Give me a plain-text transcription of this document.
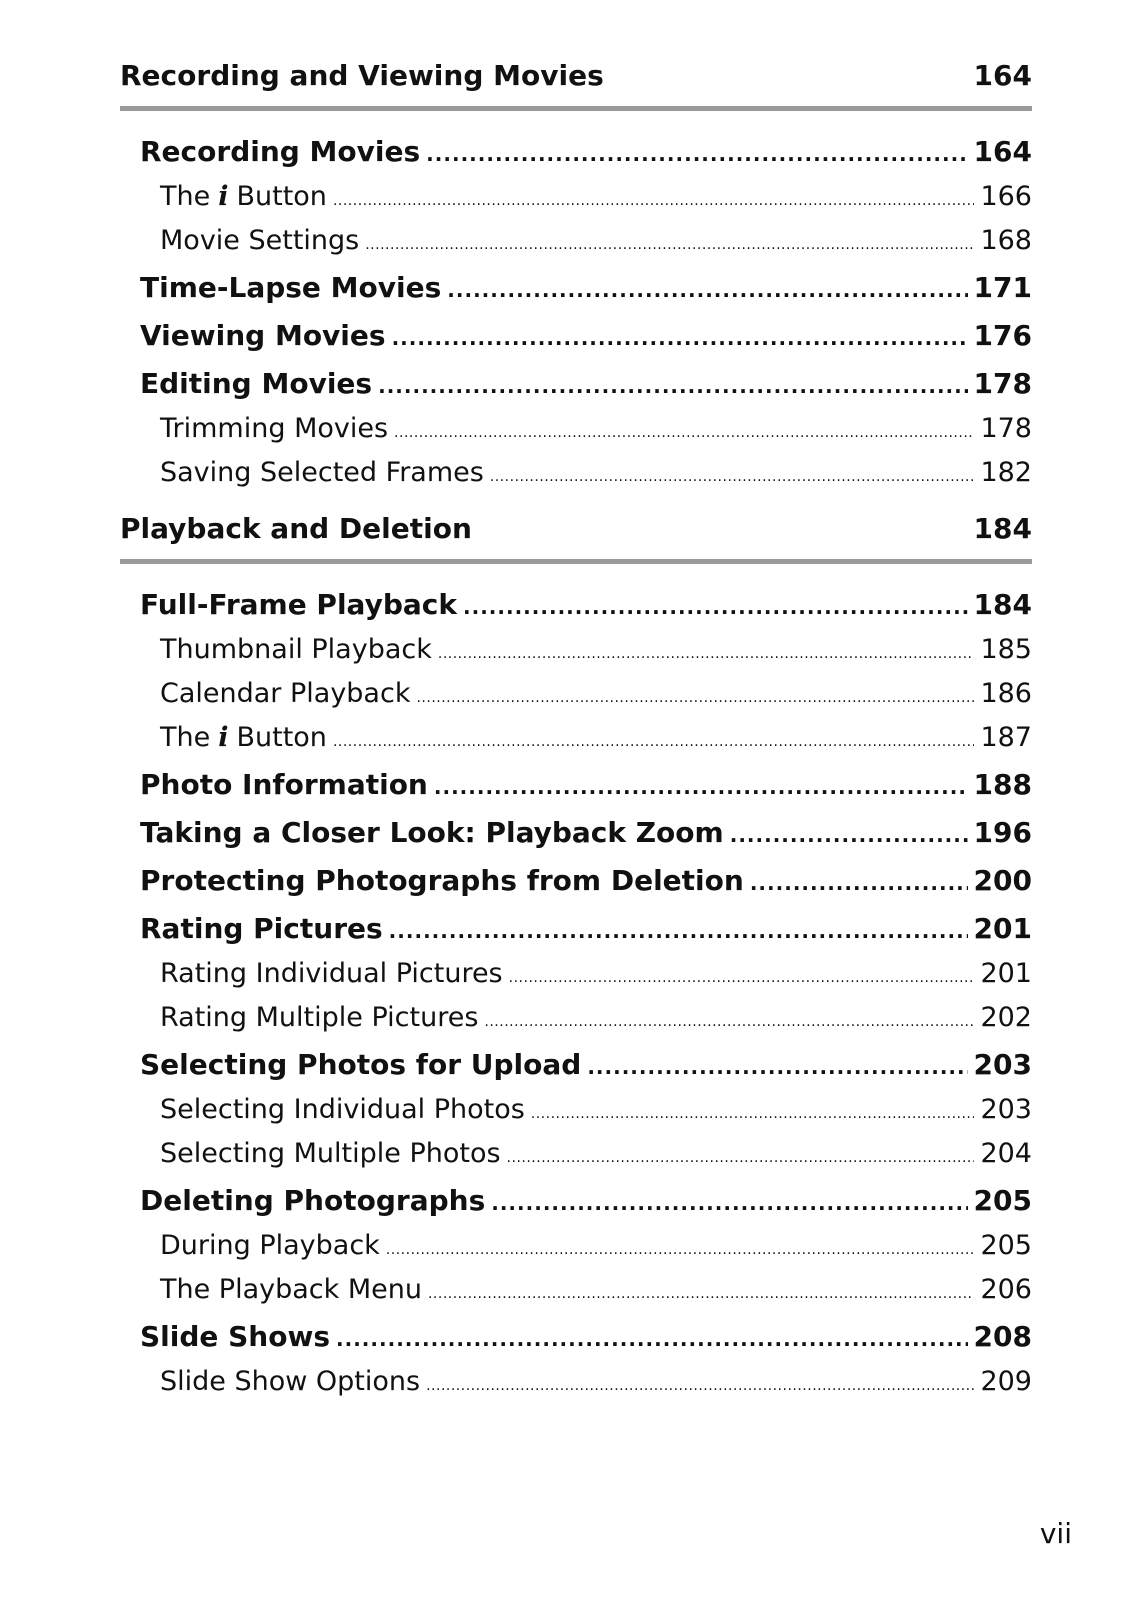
Recording and Viewing Movies	164
Recording Movies .....	164
The i Button .....	166
Movie Settings .....	168
Time-Lapse Movies .....	171
Viewing Movies .....	176
Editing Movies .....	178
Trimming Movies .....	178
Saving Selected Frames .....	182
Playback and Deletion	184
Full-Frame Playback .....	184
Thumbnail Playback .....	185
Calendar Playback .....	186
The i Button .....	187
Photo Information .....	188
Taking a Closer Look: Playback Zoom .....	196
Protecting Photographs from Deletion .....	200
Rating Pictures .....	201
Rating Individual Pictures .....	201
Rating Multiple Pictures .....	202
Selecting Photos for Upload .....	203
Selecting Individual Photos .....	203
Selecting Multiple Photos .....	204
Deleting Photographs .....	205
During Playback .....	205
The Playback Menu .....	206
Slide Shows .....	208
Slide Show Options .....	209
vii
